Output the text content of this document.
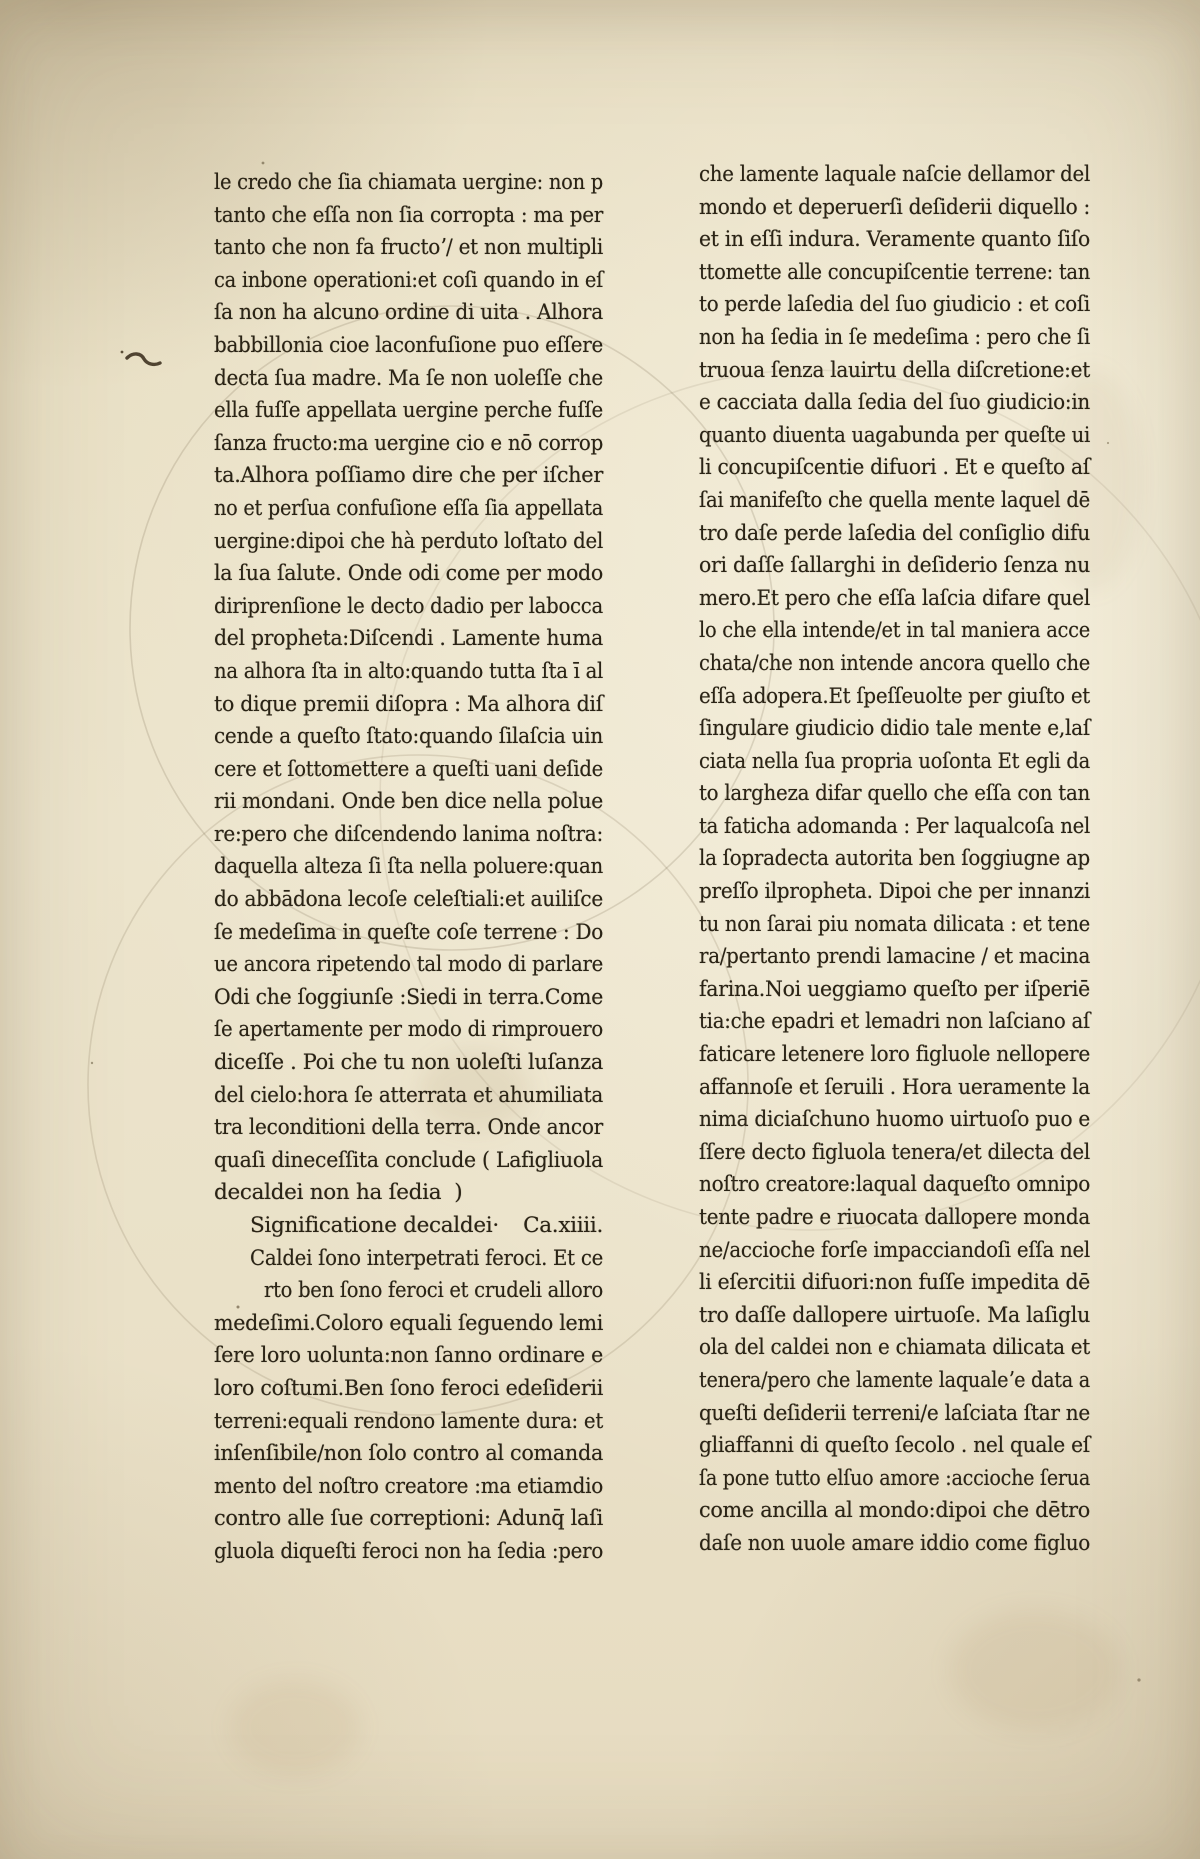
le credo che ſia chiamata uergine: non p
tanto che eſſa non ſia corropta : ma per
tanto che non fa fructoʼ/ et non multipli
ca inbone operationi:et coſi quando in eſ
ſa non ha alcuno ordine di uita . Alhora
babbillonia cioe laconfuſione puo eſſere
decta ſua madre. Ma ſe non uoleſſe che
ella fuſſe appellata uergine perche fuſſe
ſanza fructo:ma uergine cio e nō corrop
ta.Alhora poſſiamo dire che per iſcher
no et perſua confuſione eſſa ſia appellata
uergine:dipoi che hà perduto loſtato del
la ſua ſalute. Onde odi come per modo
diriprenſione le decto dadio per labocca
del propheta:Diſcendi . Lamente huma
na alhora ſta in alto:quando tutta ſta ī al
to dique premii diſopra : Ma alhora diſ
cende a queſto ſtato:quando ſilaſcia uin
cere et ſottomettere a queſti uani deſide
rii mondani. Onde ben dice nella polue
re:pero che diſcendendo lanima noſtra:
daquella alteza ſi ſta nella poluere:quan
do abbādona lecoſe celeſtiali:et auiliſce
ſe medeſima in queſte coſe terrene : Do
ue ancora ripetendo tal modo di parlare
Odi che ſoggiunſe :Siedi in terra.Come
ſe apertamente per modo di rimprouero
diceſſe . Poi che tu non uoleſti luſanza
del cielo:hora ſe atterrata et ahumiliata
tra leconditioni della terra. Onde ancor
quaſi dineceſſita conclude ( Lafigliuola
decaldei non ha ſedia  )
Significatione decaldei· Ca.xiiii.
Caldei ſono interpetrati feroci. Et ce
rto ben ſono feroci et crudeli alloro
medeſimi.Coloro equali ſeguendo lemi
ſere loro uolunta:non ſanno ordinare e
loro coſtumi.Ben ſono feroci edeſiderii
terreni:equali rendono lamente dura: et
inſenſibile/non ſolo contro al comanda
mento del noſtro creatore :ma etiamdio
contro alle ſue correptioni: Adunq̄ laſi
gluola diqueſti feroci non ha ſedia :pero
che lamente laquale naſcie dellamor del
mondo et deperuerſi deſiderii diquello :
et in eſſi indura. Veramente quanto ſiſo
ttomette alle concupiſcentie terrene: tan
to perde laſedia del ſuo giudicio : et coſi
non ha ſedia in ſe medeſima : pero che ſi
truoua ſenza lauirtu della diſcretione:et
e cacciata dalla ſedia del ſuo giudicio:in
quanto diuenta uagabunda per queſte ui
li concupiſcentie difuori . Et e queſto aſ
ſai manifeſto che quella mente laquel dē
tro daſe perde laſedia del conſiglio difu
ori daſſe ſallarghi in deſiderio ſenza nu
mero.Et pero che eſſa laſcia difare quel
lo che ella intende/et in tal maniera acce
chata/che non intende ancora quello che
eſſa adopera.Et ſpeſſeuolte per giuſto et
ſingulare giudicio didio tale mente e,laſ
ciata nella ſua propria uoſonta Et egli da
to largheza difar quello che eſſa con tan
ta faticha adomanda : Per laqualcoſa nel
la ſopradecta autorita ben ſoggiugne ap
preſſo ilpropheta. Dipoi che per innanzi
tu non ſarai piu nomata dilicata : et tene
ra/pertanto prendi lamacine / et macina
farina.Noi ueggiamo queſto per iſperiē
tia:che epadri et lemadri non laſciano aſ
faticare letenere loro figluole nellopere
affannoſe et ſeruili . Hora ueramente la
nima diciaſchuno huomo uirtuoſo puo e
ſſere decto figluola tenera/et dilecta del
noſtro creatore:laqual daqueſto omnipo
tente padre e riuocata dallopere monda
ne/accioche forſe impacciandoſi eſſa nel
li eſercitii difuori:non fuſſe impedita dē
tro daſſe dallopere uirtuoſe. Ma laſiglu
ola del caldei non e chiamata dilicata et
tenera/pero che lamente laqualeʼe data a
queſti deſiderii terreni/e laſciata ſtar ne
gliaffanni di queſto ſecolo . nel quale eſ
ſa pone tutto elſuo amore :accioche ſerua
come ancilla al mondo:dipoi che dētro
daſe non uuole amare iddio come figluo
